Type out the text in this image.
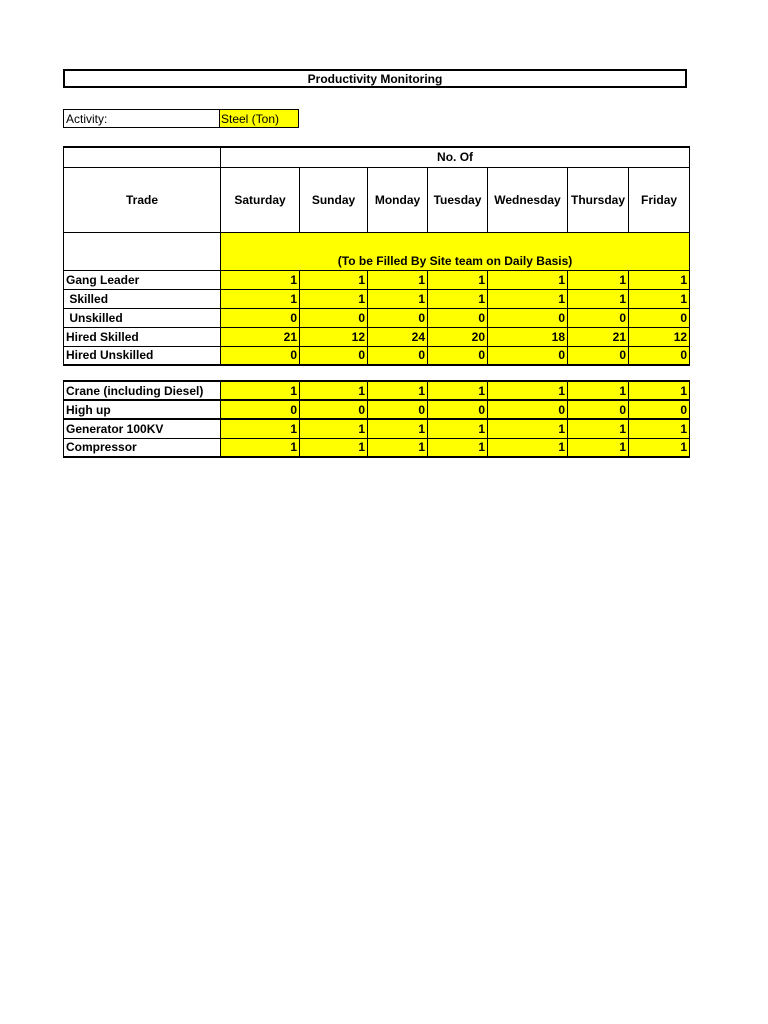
Productivity Monitoring
Activity:	Steel (Ton)
	No. Of						
Trade	Saturday	Sunday	Monday	Tuesday	Wednesday	Thursday	Friday
	(To be Filled By Site team on Daily Basis)						
Gang Leader	1	1	1	1	1	1	1
Skilled	1	1	1	1	1	1	1
Unskilled	0	0	0	0	0	0	0
Hired Skilled	21	12	24	20	18	21	12
Hired Unskilled	0	0	0	0	0	0	0
Crane (including Diesel)	1	1	1	1	1	1	1
High up	0	0	0	0	0	0	0
Generator 100KV	1	1	1	1	1	1	1
Compressor	1	1	1	1	1	1	1
